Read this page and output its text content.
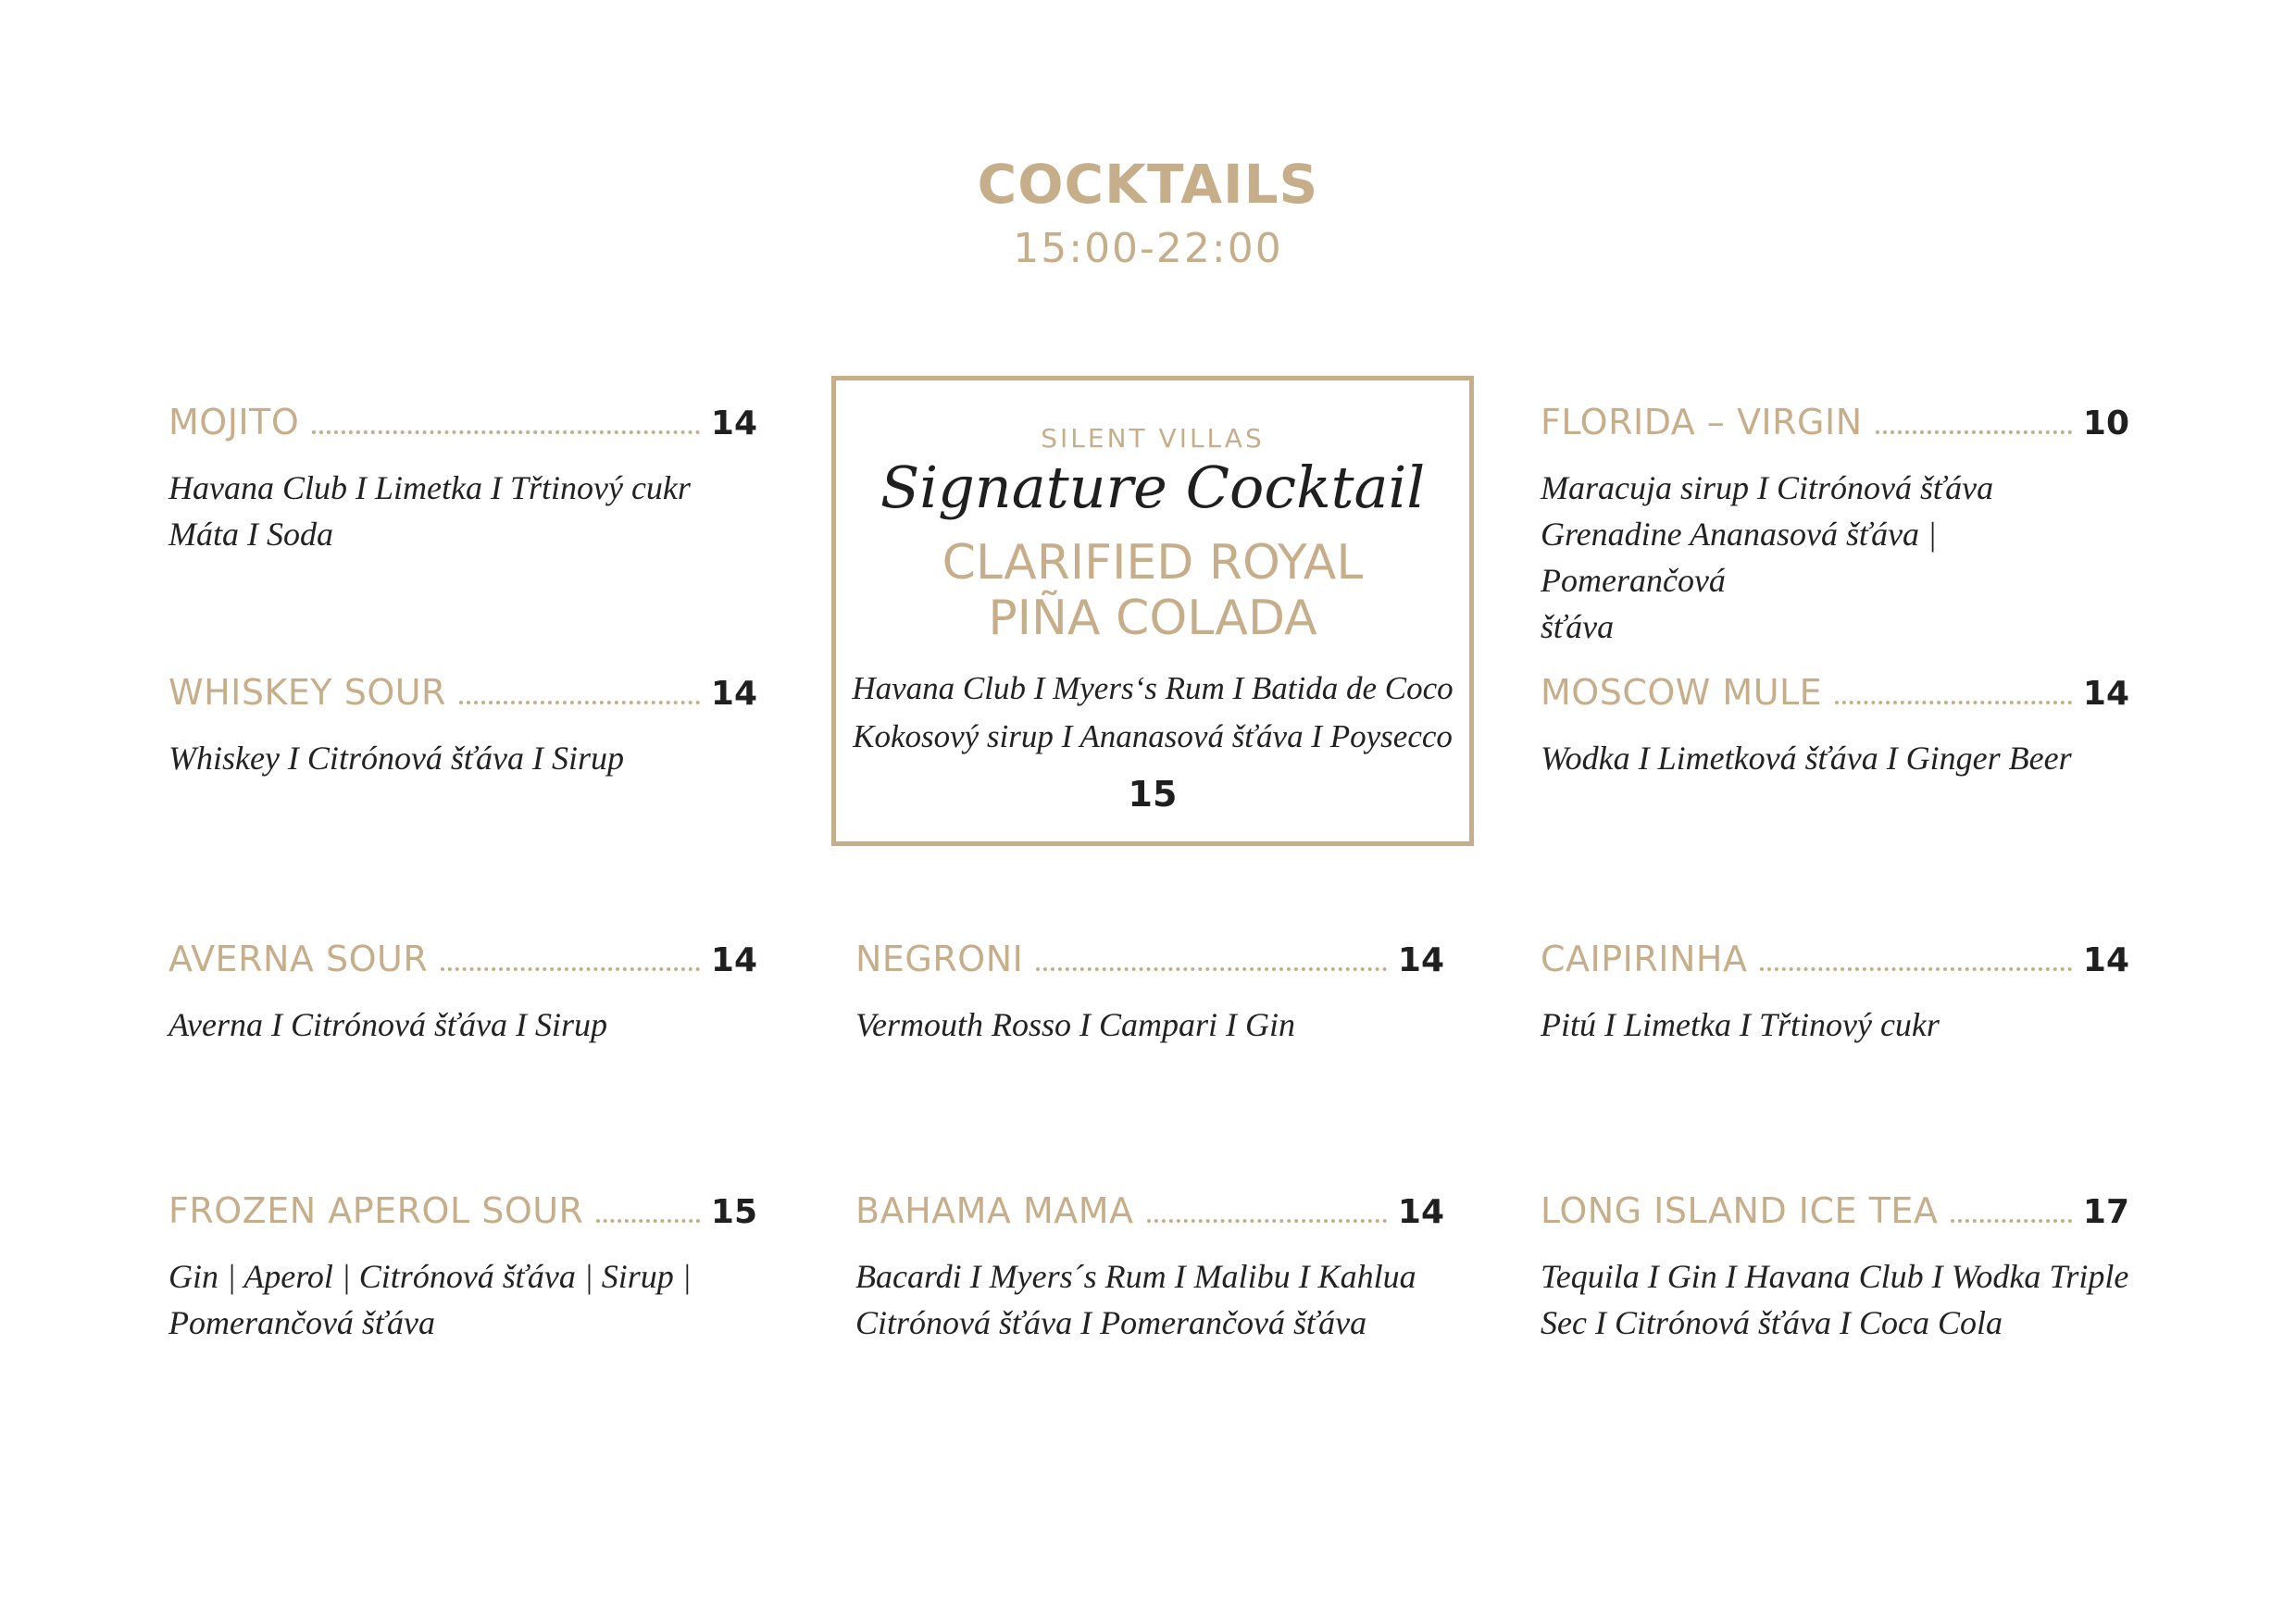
COCKTAILS
15:00-22:00
MOJITO	14
Havana Club I Limetka I Třtinový cukr
Máta I Soda
WHISKEY SOUR	14
Whiskey I Citrónová šťáva I Sirup
AVERNA SOUR	14
Averna I Citrónová šťáva I Sirup
FROZEN APEROL SOUR	15
Gin | Aperol | Citrónová šťáva | Sirup |
Pomerančová šťáva
SILENT VILLAS
Signature Cocktail
CLARIFIED ROYAL
PIÑA COLADA
Havana Club I Myers‘s Rum I Batida de Coco
Kokosový sirup I Ananasová šťáva I Poysecco
15
NEGRONI	14
Vermouth Rosso I Campari I Gin
BAHAMA MAMA	14
Bacardi I Myers´s Rum I Malibu I Kahlua
Citrónová šťáva I Pomerančová šťáva
FLORIDA – VIRGIN	10
Maracuja sirup I Citrónová šťáva
Grenadine Ananasová šťáva | Pomerančová
šťáva
MOSCOW MULE	14
Wodka I Limetková šťáva I Ginger Beer
CAIPIRINHA	14
Pitú I Limetka I Třtinový cukr
LONG ISLAND ICE TEA	17
Tequila I Gin I Havana Club I Wodka Triple
Sec I Citrónová šťáva I Coca Cola
